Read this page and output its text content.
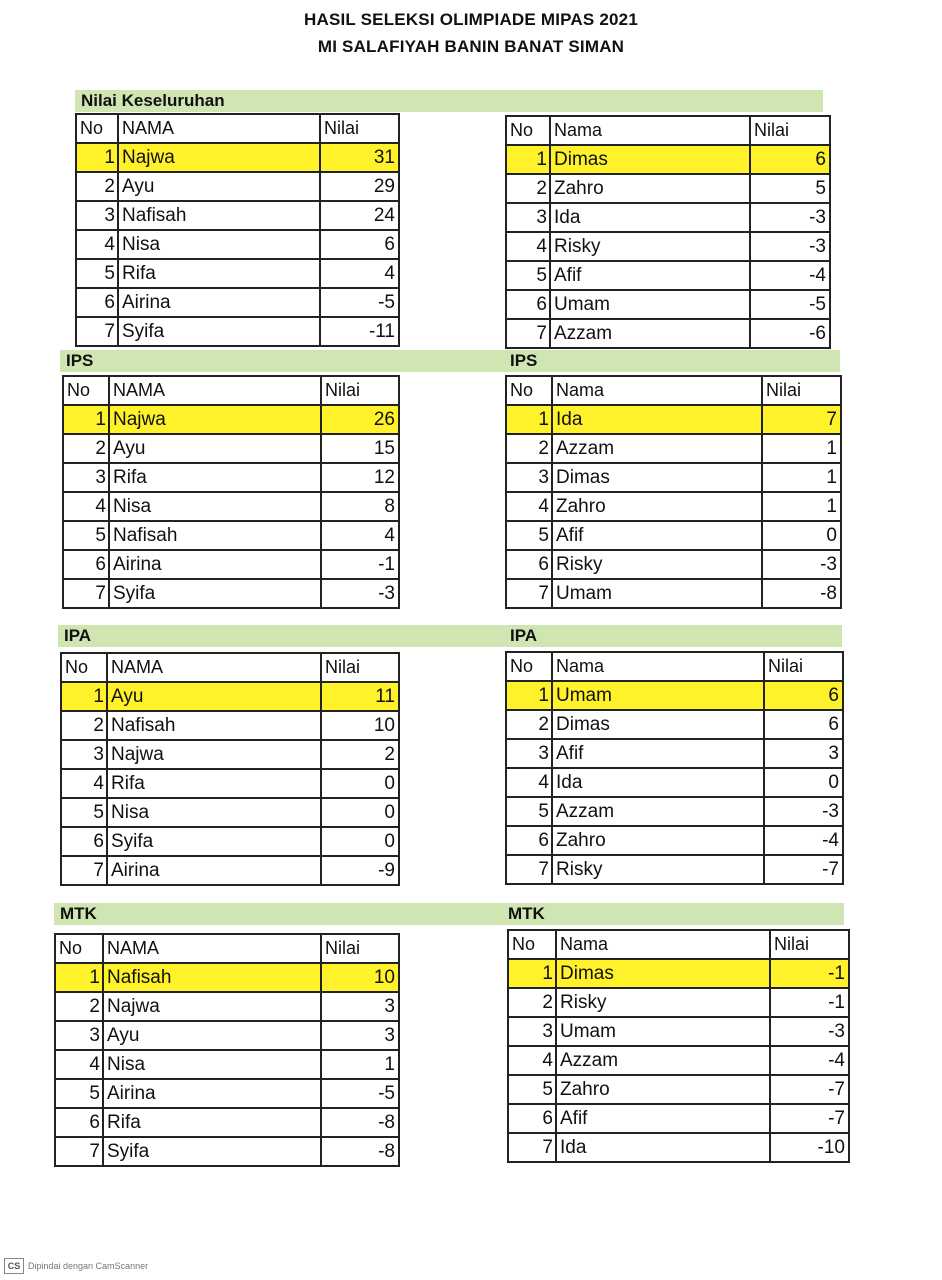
HASIL SELEKSI OLIMPIADE MIPAS 2021
MI SALAFIYAH BANIN BANAT SIMAN
Nilai Keseluruhan
IPS	IPS
IPA	IPA
MTK	MTK
No	NAMA	Nilai
1	Najwa	31
2	Ayu	29
3	Nafisah	24
4	Nisa	6
5	Rifa	4
6	Airina	-5
7	Syifa	-11
No	Nama	Nilai
1	Dimas	6
2	Zahro	5
3	Ida	-3
4	Risky	-3
5	Afif	-4
6	Umam	-5
7	Azzam	-6
No	NAMA	Nilai
1	Najwa	26
2	Ayu	15
3	Rifa	12
4	Nisa	8
5	Nafisah	4
6	Airina	-1
7	Syifa	-3
No	Nama	Nilai
1	Ida	7
2	Azzam	1
3	Dimas	1
4	Zahro	1
5	Afif	0
6	Risky	-3
7	Umam	-8
No	NAMA	Nilai
1	Ayu	11
2	Nafisah	10
3	Najwa	2
4	Rifa	0
5	Nisa	0
6	Syifa	0
7	Airina	-9
No	Nama	Nilai
1	Umam	6
2	Dimas	6
3	Afif	3
4	Ida	0
5	Azzam	-3
6	Zahro	-4
7	Risky	-7
No	NAMA	Nilai
1	Nafisah	10
2	Najwa	3
3	Ayu	3
4	Nisa	1
5	Airina	-5
6	Rifa	-8
7	Syifa	-8
No	Nama	Nilai
1	Dimas	-1
2	Risky	-1
3	Umam	-3
4	Azzam	-4
5	Zahro	-7
6	Afif	-7
7	Ida	-10
CS Dipindai dengan CamScanner
